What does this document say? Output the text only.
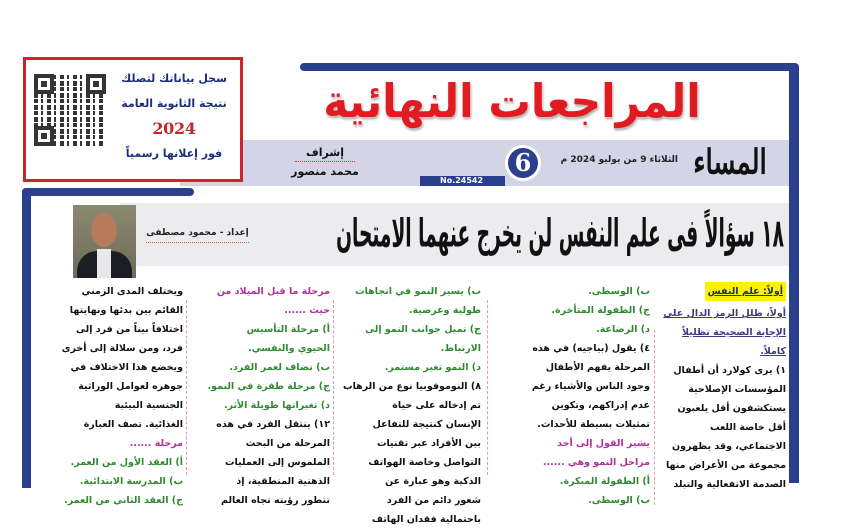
المراجعات النهائية
المساء
الثلاثاء 9 من يوليو 2024 م
No.24542
6
إشراف
محمد منصور
سجل بياناتك لتصلك
نتيجة الثانوية العامة
2024
فور إعلانها رسمياً
١٨ سؤالاً فى علم النفس لن يخرج عنهما الامتحان
إعداد - محمود مصطفى
أولاً: علم النفس
أولاً، ظلل الرمز الدال على
الإجابة الصحيحة تظليلاً
كاملاً.
١) يرى كولارد أن أطفال
المؤسسات الإصلاحية
يستكشفون أقل يلعبون
أقل خاصة اللعب
الاجتماعي، وقد يظهرون
مجموعة من الأعراض منها
الصدمة الانفعالية والتبلد
ب) الوسطى.
ج) الطفولة المتأخرة.
د) الرضاعة.
٤) يقول (بياجيه) في هذه
المرحلة يفهم الأطفال
وجود الناس والأشياء رغم
عدم إدراكهم، وتكوين
تمثيلات بسيطة للأحداث.
يشير القول إلى أحد
مراحل النمو وهي ......
أ) الطفولة المبكرة.
ب) الوسطى.
ب) يسير النمو في اتجاهات
طولية وعرضية.
ج) تميل جوانب النمو إلى
الارتباط.
د) النمو تغير مستمر.
٨) النوموفوبيا نوع من الرهاب
تم إدخاله على حياة
الإنسان كنتيجة للتفاعل
بين الأفراد عبر تقنيات
التواصل وخاصة الهواتف
الذكية وهو عبارة عن
شعور دائم من الفرد
باحتمالية فقدان الهاتف
مرحلة ما قبل الميلاد من
حيث ......
أ) مرحلة التأسيس
الحيوي والنفسي.
ب) تضاف لعمر الفرد.
ج) مرحلة طفرة في النمو.
د) تغيراتها طويلة الأثر.
١٢) ينتقل الفرد في هذه
المرحلة من البحث
الملموس إلى العمليات
الذهنية المنطقية، إذ
تتطور رؤيته تجاه العالم
ويختلف المدى الزمني
القائم بين بدئها ونهايتها
اختلافاً بيناً من فرد إلى
فرد، ومن سلالة إلى أخرى
ويخضع هذا الاختلاف في
جوهره لعوامل الوراثية
الجنسية البيئية
الغذائية. تصف العبارة
مرحلة ......
أ) العقد الأول من العمر.
ب) المدرسة الابتدائية.
ج) العقد الثاني من العمر.
